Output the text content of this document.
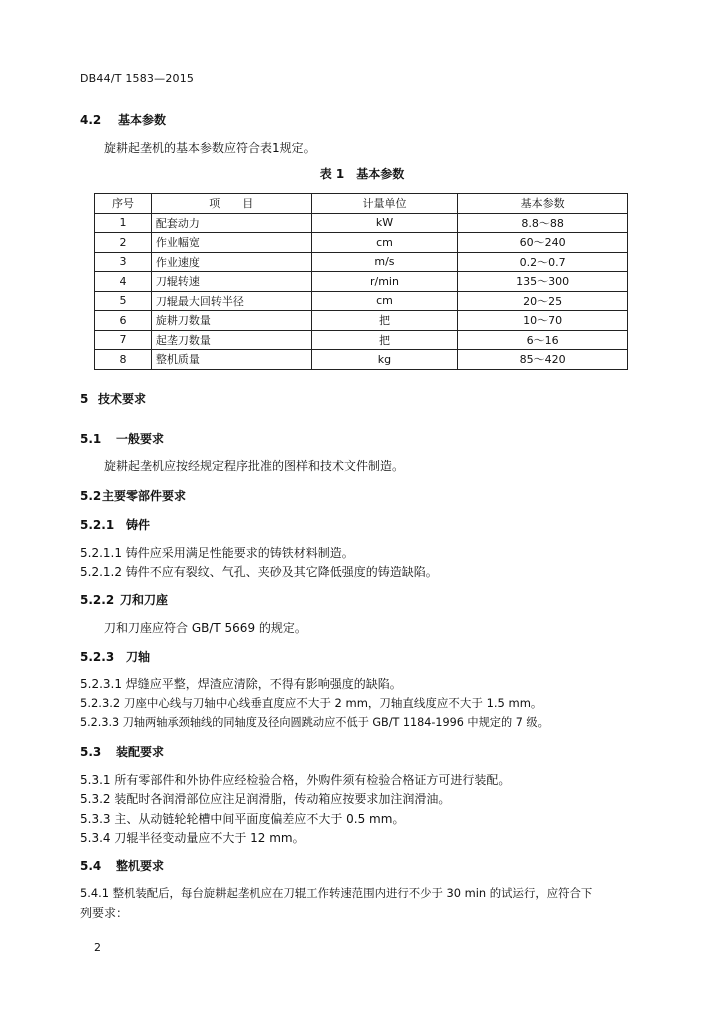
DB44/T 1583—2015
4.2 基本参数
旋耕起垄机的基本参数应符合表1规定。
表 1　基本参数
序号	项　　目	计量单位	基本参数
1	配套动力	kW	8.8～88
2	作业幅宽	cm	60～240
3	作业速度	m/s	0.2～0.7
4	刀辊转速	r/min	135～300
5	刀辊最大回转半径	cm	20～25
6	旋耕刀数量	把	10～70
7	起垄刀数量	把	6～16
8	整机质量	kg	85～420
5 技术要求
5.1 一般要求
旋耕起垄机应按经规定程序批准的图样和技术文件制造。
5.2主要零部件要求
5.2.1 铸件
5.2.1.1 铸件应采用满足性能要求的铸铁材料制造。
5.2.1.2 铸件不应有裂纹、气孔、夹砂及其它降低强度的铸造缺陷。
5.2.2 刀和刀座
刀和刀座应符合 GB/T 5669 的规定。
5.2.3 刀轴
5.2.3.1 焊缝应平整，焊渣应清除，不得有影响强度的缺陷。
5.2.3.2 刀座中心线与刀轴中心线垂直度应不大于 2 mm，刀轴直线度应不大于 1.5 mm。
5.2.3.3 刀轴两轴承颈轴线的同轴度及径向圆跳动应不低于 GB/T 1184-1996 中规定的 7 级。
5.3 装配要求
5.3.1 所有零部件和外协件应经检验合格，外购件须有检验合格证方可进行装配。
5.3.2 装配时各润滑部位应注足润滑脂，传动箱应按要求加注润滑油。
5.3.3 主、从动链轮轮槽中间平面度偏差应不大于 0.5 mm。
5.3.4 刀辊半径变动量应不大于 12 mm。
5.4 整机要求
5.4.1 整机装配后，每台旋耕起垄机应在刀辊工作转速范围内进行不少于 30 min 的试运行，应符合下
列要求：
2
